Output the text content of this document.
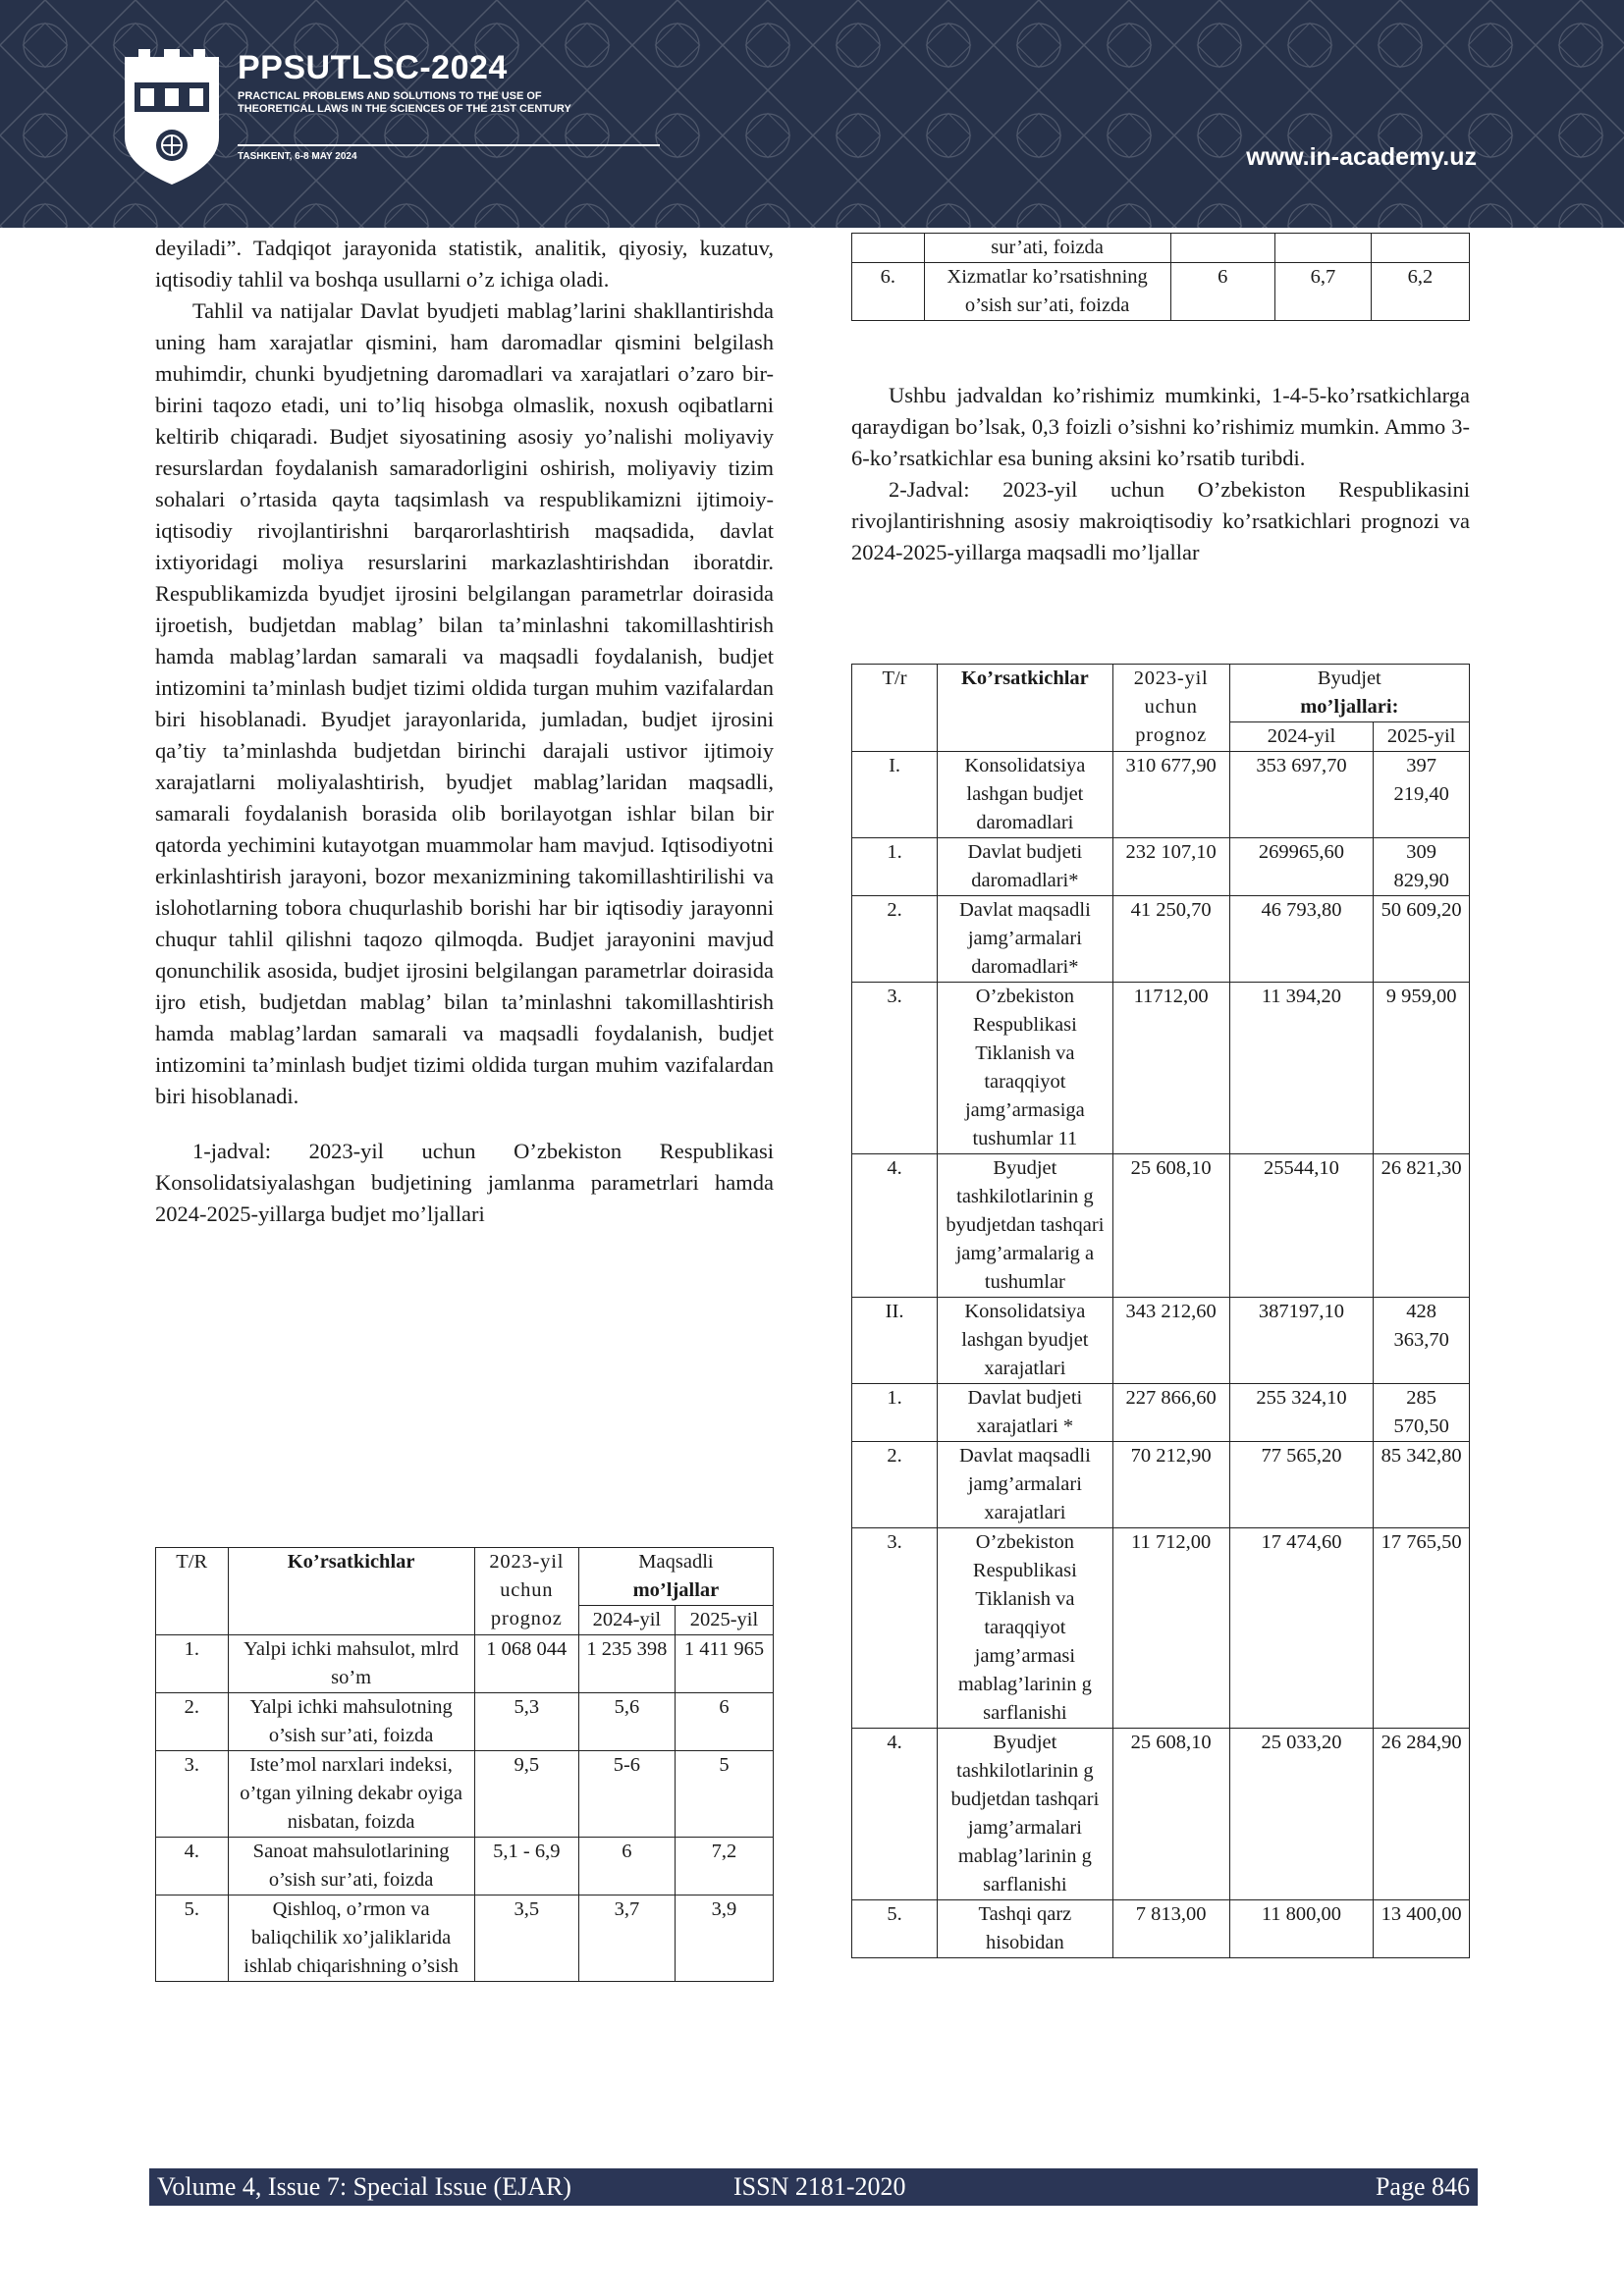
PPSUTLSC-2024
PRACTICAL PROBLEMS AND SOLUTIONS TO THE USE OF THEORETICAL LAWS IN THE SCIENCES OF THE 21ST CENTURY
TASHKENT, 6-8 MAY 2024	www.in-academy.uz

deyiladi”. Tadqiqot jarayonida statistik, analitik, qiyosiy, kuzatuv, iqtisodiy tahlil va boshqa usullarni o’z ichiga oladi.

Tahlil va natijalar Davlat byudjeti mablag’larini shakllantirishda uning ham xarajatlar qismini, ham daromadlar qismini belgilash muhimdir, chunki byudjetning daromadlari va xarajatlari o’zaro bir-birini taqozo etadi, uni to’liq hisobga olmaslik, noxush oqibatlarni keltirib chiqaradi. Budjet siyosatining asosiy yo’nalishi moliyaviy resurslardan foydalanish samaradorligini oshirish, moliyaviy tizim sohalari o’rtasida qayta taqsimlash va respublikamizni ijtimoiy-iqtisodiy rivojlantirishni barqarorlashtirish maqsadida, davlat ixtiyoridagi moliya resurslarini markazlashtirishdan iboratdir. Respublikamizda byudjet ijrosini belgilangan parametrlar doirasida ijroetish, budjetdan mablag’ bilan ta’minlashni takomillashtirish hamda mablag’lardan samarali va maqsadli foydalanish, budjet intizomini ta’minlash budjet tizimi oldida turgan muhim vazifalardan biri hisoblanadi. Byudjet jarayonlarida, jumladan, budjet ijrosini qa’tiy ta’minlashda budjetdan birinchi darajali ustivor ijtimoiy xarajatlarni moliyalashtirish, byudjet mablag’laridan maqsadli, samarali foydalanish borasida olib borilayotgan ishlar bilan bir qatorda yechimini kutayotgan muammolar ham mavjud. Iqtisodiyotni erkinlashtirish jarayoni, bozor mexanizmining takomillashtirilishi va islohotlarning tobora chuqurlashib borishi har bir iqtisodiy jarayonni chuqur tahlil qilishni taqozo qilmoqda. Budjet jarayonini mavjud qonunchilik asosida, budjet ijrosini belgilangan parametrlar doirasida ijro etish, budjetdan mablag’ bilan ta’minlashni takomillashtirish hamda mablag’lardan samarali va maqsadli foydalanish, budjet intizomini ta’minlash budjet tizimi oldida turgan muhim vazifalardan biri hisoblanadi.

1-jadval: 2023-yil uchun O’zbekiston Respublikasi Konsolidatsiyalashgan budjetining jamlanma parametrlari hamda 2024-2025-yillarga budjet mo’ljallari

T/R	Ko’rsatkichlar	2023-yil uchun prognoz	Maqsadli
mo’ljallar	
			2024-yil	2025-yil
1.	Yalpi ichki mahsulot, mlrd so’m	1 068 044	1 235 398	1 411 965
2.	Yalpi ichki mahsulotning o’sish sur’ati, foizda	5,3	5,6	6
3.	Iste’mol narxlari indeksi, o’tgan yilning dekabr oyiga nisbatan, foizda	9,5	5-6	5
4.	Sanoat mahsulotlarining o’sish sur’ati, foizda	5,1 - 6,9	6	7,2
5.	Qishloq, o’rmon va baliqchilik xo’jaliklarida ishlab chiqarishning o’sish	3,5	3,7	3,9
	sur’ati, foizda			
6.	Xizmatlar ko’rsatishning o’sish sur’ati, foizda	6	6,7	6,2

Ushbu jadvaldan ko’rishimiz mumkinki, 1-4-5-ko’rsatkichlarga qaraydigan bo’lsak, 0,3 foizli o’sishni ko’rishimiz mumkin. Ammo 3-6-ko’rsatkichlar esa buning aksini ko’rsatib turibdi.

2-Jadval: 2023-yil uchun O’zbekiston Respublikasini rivojlantirishning asosiy makroiqtisodiy ko’rsatkichlari prognozi va 2024-2025-yillarga maqsadli mo’ljallar

T/r	Ko’rsatkichlar	2023-yil uchun prognoz	Byudjet
mo’ljallari:	
			2024-yil	2025-yil
I.	Konsolidatsiya lashgan budjet daromadlari	310 677,90	353 697,70	397 219,40
1.	Davlat budjeti daromadlari*	232 107,10	269965,60	309 829,90
2.	Davlat maqsadli jamg’armalari daromadlari*	41 250,70	46 793,80	50 609,20
3.	O’zbekiston Respublikasi Tiklanish va taraqqiyot jamg’armasiga tushumlar 11	11712,00	11 394,20	9 959,00
4.	Byudjet tashkilotlarinin g byudjetdan tashqari jamg’armalarig a tushumlar	25 608,10	25544,10	26 821,30
II.	Konsolidatsiya lashgan byudjet xarajatlari	343 212,60	387197,10	428 363,70
1.	Davlat budjeti xarajatlari *	227 866,60	255 324,10	285 570,50
2.	Davlat maqsadli jamg’armalari xarajatlari	70 212,90	77 565,20	85 342,80
3.	O’zbekiston Respublikasi Tiklanish va taraqqiyot jamg’armasi mablag’larinin g sarflanishi	11 712,00	17 474,60	17 765,50
4.	Byudjet tashkilotlarinin g budjetdan tashqari jamg’armalari mablag’larinin g sarflanishi	25 608,10	25 033,20	26 284,90
5.	Tashqi qarz hisobidan	7 813,00	11 800,00	13 400,00
Volume 4, Issue 7: Special Issue (EJAR)	ISSN 2181-2020	Page 846
